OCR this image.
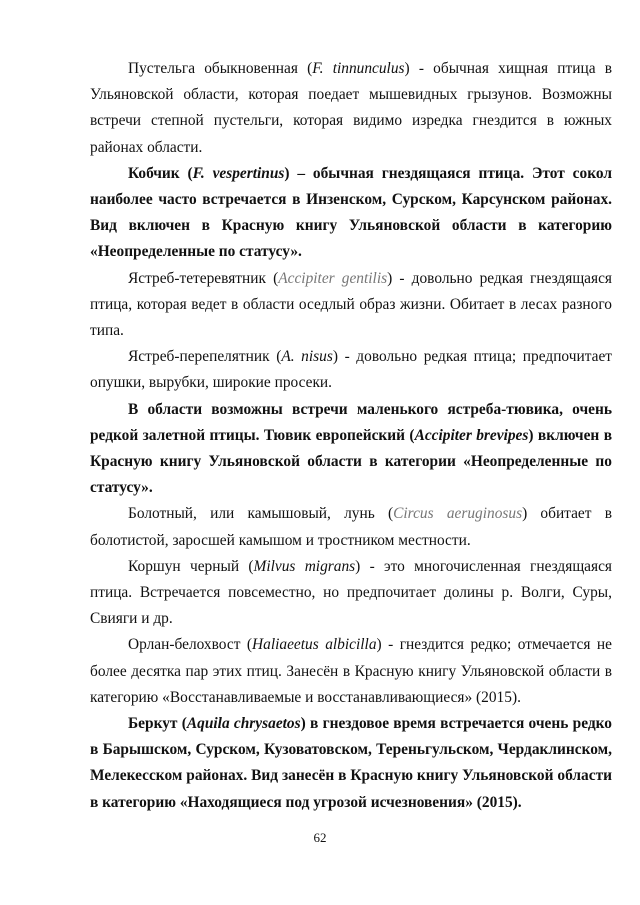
Пустельга обыкновенная (F. tinnunculus) - обычная хищная птица в Ульяновской области, которая поедает мышевидных грызунов. Возможны встречи степной пустельги, которая видимо изредка гнездится в южных районах области.

Кобчик (F. vespertinus) – обычная гнездящаяся птица. Этот сокол наиболее часто встречается в Инзенском, Сурском, Карсунском районах. Вид включен в Красную книгу Ульяновской области в категорию «Неопределенные по статусу».

Ястреб-тетеревятник (Accipiter gentilis) - довольно редкая гнездящаяся птица, которая ведет в области оседлый образ жизни. Обитает в лесах разного типа.

Ястреб-перепелятник (A. nisus) - довольно редкая птица; предпочитает опушки, вырубки, широкие просеки.

В области возможны встречи маленького ястреба-тювика, очень редкой залетной птицы. Тювик европейский (Accipiter brevipes) включен в Красную книгу Ульяновской области в категории «Неопределенные по статусу».

Болотный, или камышовый, лунь (Circus aeruginosus) обитает в болотистой, заросшей камышом и тростником местности.

Коршун черный (Milvus migrans) - это многочисленная гнездящаяся птица. Встречается повсеместно, но предпочитает долины р. Волги, Суры, Свияги и др.

Орлан-белохвост (Haliaeetus albicilla) - гнездится редко; отмечается не более десятка пар этих птиц. Занесён в Красную книгу Ульяновской области в категорию «Восстанавливаемые и восстанавливающиеся» (2015).

Беркут (Aquila chrysaetos) в гнездовое время встречается очень редко в Барышском, Сурском, Кузоватовском, Тереньгульском, Чердаклинском, Мелекесском районах. Вид занесён в Красную книгу Ульяновской области в категорию «Находящиеся под угрозой исчезновения» (2015).

62
